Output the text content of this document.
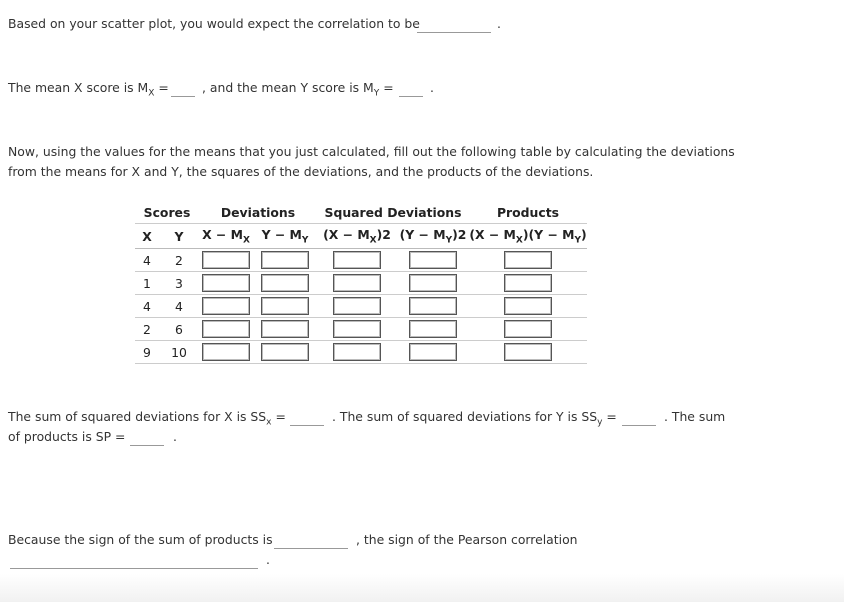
Based on your scatter plot, you would expect the correlation to be	.
The mean X score is $M_X$ =	, and the mean Y score is $M_Y$ =	.
Now, using the values for the means that you just calculated, fill out the following table by calculating the deviations
from the means for X and Y, the squares of the deviations, and the products of the deviations.
Scores		Deviations		Squared Deviations		Products
X	Y	$X - M_X$	$Y - M_Y$	$(X - M_X)2$	$(Y - M_Y)2$	$(X - M_X)(Y - M_Y)$
4	2					
1	3					
4	4					
2	6					
9	10					
The sum of squared deviations for X is $SS_x$ =	. The sum of squared deviations for Y is $SS_y$ =	. The sum
of products is SP =	.
Because the sign of the sum of products is	, the sign of the Pearson correlation
.
